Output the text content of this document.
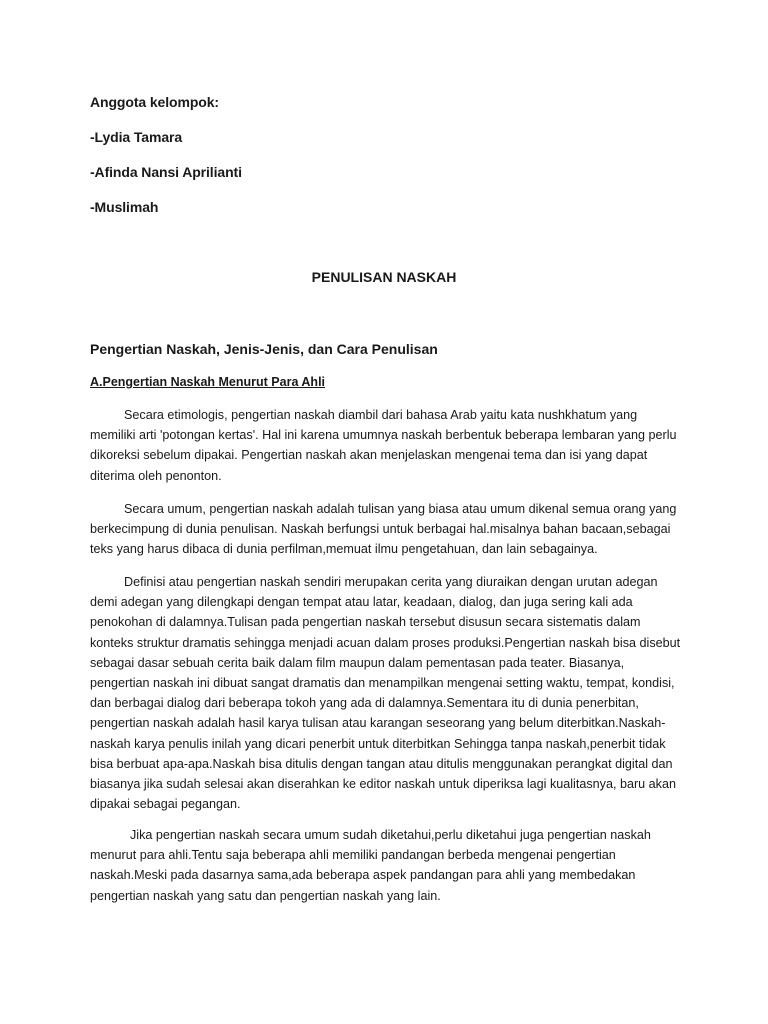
Anggota kelompok:
-Lydia Tamara
-Afinda Nansi Aprilianti
-Muslimah
PENULISAN NASKAH
Pengertian Naskah, Jenis-Jenis, dan Cara Penulisan
A.Pengertian Naskah Menurut Para Ahli

Secara etimologis, pengertian naskah diambil dari bahasa Arab yaitu kata nushkhatum yang memiliki arti 'potongan kertas'. Hal ini karena umumnya naskah berbentuk beberapa lembaran yang perlu dikoreksi sebelum dipakai. Pengertian naskah akan menjelaskan mengenai tema dan isi yang dapat diterima oleh penonton.

Secara umum, pengertian naskah adalah tulisan yang biasa atau umum dikenal semua orang yang berkecimpung di dunia penulisan. Naskah berfungsi untuk berbagai hal.misalnya bahan bacaan,sebagai teks yang harus dibaca di dunia perfilman,memuat ilmu pengetahuan, dan lain sebagainya.

Definisi atau pengertian naskah sendiri merupakan cerita yang diuraikan dengan urutan adegan demi adegan yang dilengkapi dengan tempat atau latar, keadaan, dialog, dan juga sering kali ada penokohan di dalamnya.Tulisan pada pengertian naskah tersebut disusun secara sistematis dalam konteks struktur dramatis sehingga menjadi acuan dalam proses produksi.Pengertian naskah bisa disebut sebagai dasar sebuah cerita baik dalam film maupun dalam pementasan pada teater. Biasanya, pengertian naskah ini dibuat sangat dramatis dan menampilkan mengenai setting waktu, tempat, kondisi, dan berbagai dialog dari beberapa tokoh yang ada di dalamnya.Sementara itu di dunia penerbitan, pengertian naskah adalah hasil karya tulisan atau karangan seseorang yang belum diterbitkan.Naskah-naskah karya penulis inilah yang dicari penerbit untuk diterbitkan Sehingga tanpa naskah,penerbit tidak bisa berbuat apa-apa.Naskah bisa ditulis dengan tangan atau ditulis menggunakan perangkat digital dan biasanya jika sudah selesai akan diserahkan ke editor naskah untuk diperiksa lagi kualitasnya, baru akan dipakai sebagai pegangan.

Jika pengertian naskah secara umum sudah diketahui,perlu diketahui juga pengertian naskah menurut para ahli.Tentu saja beberapa ahli memiliki pandangan berbeda mengenai pengertian naskah.Meski pada dasarnya sama,ada beberapa aspek pandangan para ahli yang membedakan pengertian naskah yang satu dan pengertian naskah yang lain.
